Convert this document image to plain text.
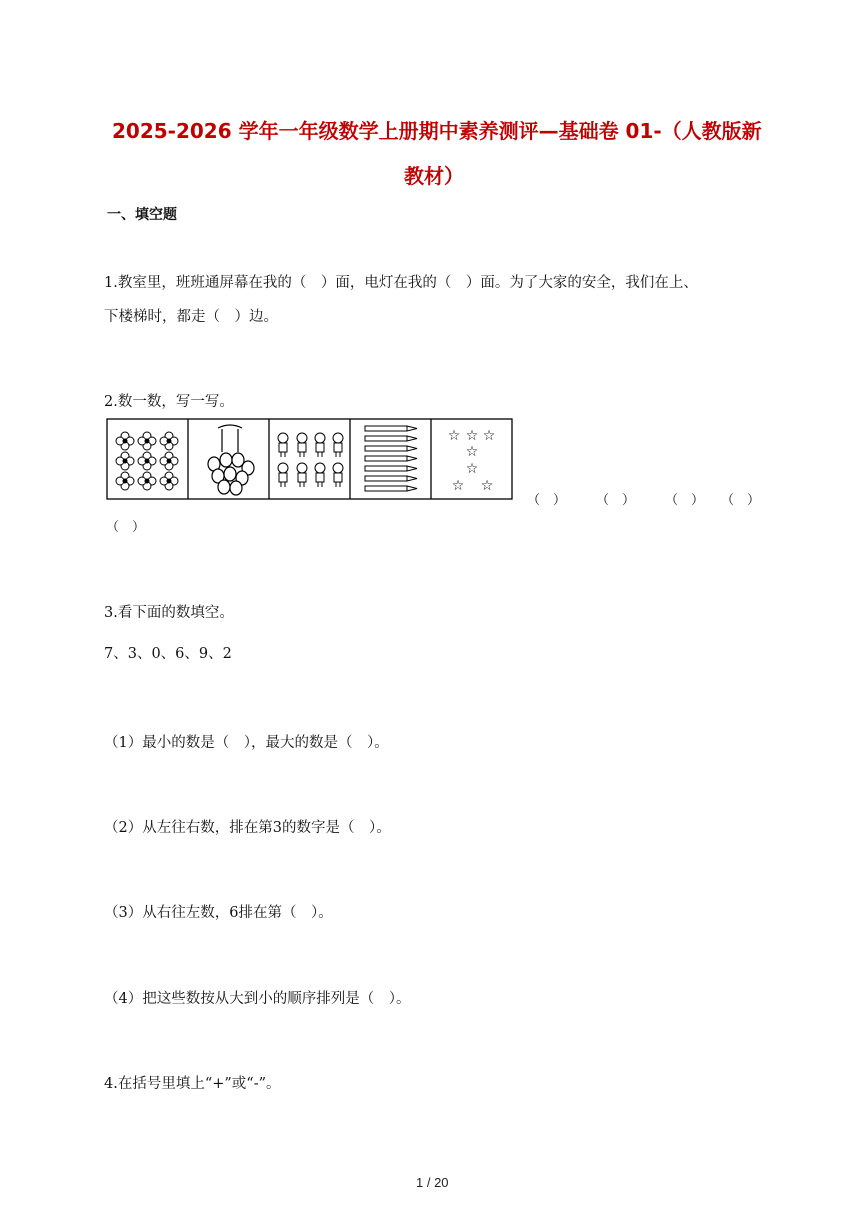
2025-2026 学年一年级数学上册期中素养测评—基础卷 01-（人教版新
教材）
一、填空题
1.教室里，班班通屏幕在我的（　）面，电灯在我的（　）面。为了大家的安全，我们在上、
下楼梯时，都走（　）边。
2.数一数，写一写。
☆ ☆ ☆
☆
☆
☆ ☆
（　） （　） （　） （　）
（　）
3.看下面的数填空。
7、3、0、6、9、2
（1）最小的数是（　），最大的数是（　）。
（2）从左往右数，排在第3的数字是（　）。
（3）从右往左数，6排在第（　）。
（4）把这些数按从大到小的顺序排列是（　）。
4.在括号里填上“+”或“-”。
1 / 20
